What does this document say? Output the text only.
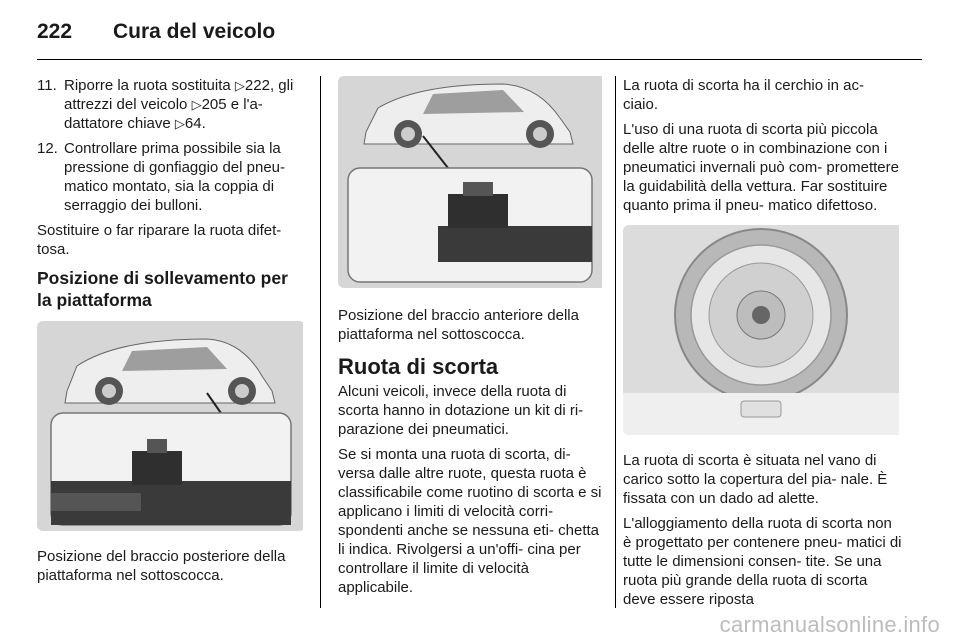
222	Cura del veicolo
11. Riporre la ruota sostituita ▷222, gli attrezzi del veicolo ▷205 e l'a- dattatore chiave ▷64.
12. Controllare prima possibile sia la pressione di gonfiaggio del pneu- matico montato, sia la coppia di serraggio dei bulloni.

Sostituire o far riparare la ruota difet- tosa.

Posizione di sollevamento per la piattaforma

Posizione del braccio posteriore della piattaforma nel sottoscocca.

Posizione del braccio anteriore della piattaforma nel sottoscocca.

Ruota di scorta

Alcuni veicoli, invece della ruota di scorta hanno in dotazione un kit di ri- parazione dei pneumatici.

Se si monta una ruota di scorta, di- versa dalle altre ruote, questa ruota è classificabile come ruotino di scorta e si applicano i limiti di velocità corri- spondenti anche se nessuna eti- chetta li indica. Rivolgersi a un'offi- cina per controllare il limite di velocità applicabile.

La ruota di scorta ha il cerchio in ac- ciaio.

L'uso di una ruota di scorta più piccola delle altre ruote o in combinazione con i pneumatici invernali può com- promettere la guidabilità della vettura. Far sostituire quanto prima il pneu- matico difettoso.

La ruota di scorta è situata nel vano di carico sotto la copertura del pia- nale. È fissata con un dado ad alette.

L'alloggiamento della ruota di scorta non è progettato per contenere pneu- matici di tutte le dimensioni consen- tite. Se una ruota più grande della ruota di scorta deve essere riposta

carmanualsonline.info
